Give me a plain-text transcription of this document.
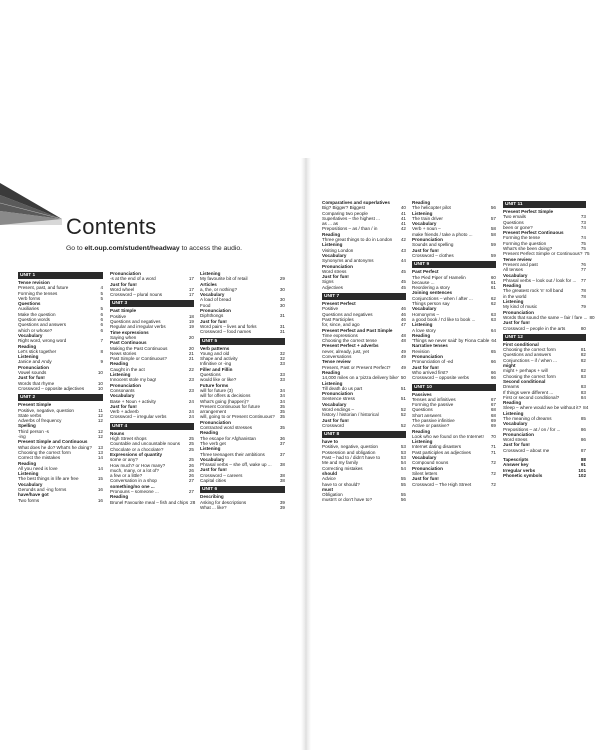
Contents
Go to elt.oup.com/student/headway to access the audio.
UNIT 1
Tense revision
Present, past, and future	4
Forming the tenses	5
Verb forms	5
Questions
Auxiliaries	5
Make the question	6
Question words	6
Questions and answers	6
which or whose?	6
Vocabulary
Right word, wrong word	7
Reading
Let's stick together	8
Listening
Janice and Andy	9
Pronunciation
Vowel sounds	10
Just for fun!
Words that rhyme	10
Crossword – opposite adjectives	10
UNIT 2
Present Simple
Positive, negative, question	11
State verbs	12
Adverbs of frequency	12
Spelling
Third person -s	12
-ing	12
Present Simple and Continuous
What does he do? What's he doing?	13
Choosing the correct form	13
Correct the mistakes	14
Reading
All you need is love	14
Listening
The best things in life are free	15
Vocabulary
Gerunds and -ing forms	16
have/have got
Two forms	16
Pronunciation
-s at the end of a word	17
Just for fun!
Word wheel	17
Crossword – plural nouns	17
UNIT 3
Past Simple
Positive	18
Questions and negatives	19
Regular and irregular verbs	19
Time expressions
Saying when	20
Past Continuous
Making the Past Continuous	20
News stories	21
Past Simple or Continuous?	21
Reading
Caught in the act	22
Listening
Innocent stole my bag!	23
Pronunciation
Consonants	23
Vocabulary
Base + Noun + activity	24
Just for fun!
Verb + adverb	24
Crossword – irregular verbs	24
UNIT 4
Nouns
High Street shops	25
Countable and uncountable nouns	25
Chocolate or a chocolate?	25
Expressions of quantity
some or any?	25
How much? or How many?	26
much, many, or a lot of?	26
a few or a little?	26
Conversation in a shop	27
something/no one ...
Pronouns – someone ...	27
Reading
Brunel Favourite meal – fish and chips 28
Listening
My favourite bit of retail	29
Articles
a, the, or nothing?	30
Vocabulary
A load of bread	30
Food	30
Pronunciation
Diphthongs	31
Just for fun!
Word pairs – lives and forks	31
Crossword – food names	31
UNIT 5
Verb patterns
Young and old	32
Shape and activity	32
Infinitive or -ing	33
Filler and Fillin
Questions	33
would like or like?	33
Future forms
will for future (3)	34
will for offers & decisions	34
What's going (happen)?	34
Present Continuous for future	35
arrangement	35
will, going to or Present Continuous?	35
Pronunciation
Contracted word stresses	35
Reading
The escape for Afghanistan	36
The verb get	37
Listening
Three teenagers their ambitions	37
Vocabulary
Phrasal verbs – she off, wake up ...	38
Just for fun!
Crossword – careers	38
Capital cities	38
UNIT 6
Describing
Asking for descriptions	39
What ... like?	39
Comparatives and superlatives
Big? Bigger? Biggest	40
Comparing two people	41
Superlatives – the highest ...	41
as ... as	41
Prepositions – as / than / in	42
Reading
Three great things to do in London	42
Listening
Visiting London	43
Vocabulary
Synonyms and antonyms	44
Pronunciation
Word stress	45
Just for fun!
Signs	45
Adjectives	45
UNIT 7
Present Perfect
Positive	46
Questions and negatives	46
Past Participles	46
for, since, and ago	47
Present Perfect and Past Simple
Time expressions	48
Choosing the correct tense	48
Present Perfect + adverbs
never, already, just, yet	49
Conversations	49
Tense review
Present, Past or Present Perfect?	49
Reading
14,000 miles on a 'pizza delivery bike' 50
Listening
Till death do us part	51
Pronunciation
Sentence stress	51
Vocabulary
Word endings –	52
history / historian / historical	52
Just for fun!
Crossword	52
UNIT 8
have to
Positive, negative, question	53
Possession and obligation	53
Past – had to / didn't have to	53
Me and my family	54
Correcting mistakes	54
should
Advice	55
have to or should?	55
must
Obligation	55
mustn't or don't have to?	56
Reading
The helicopter pilot	56
Listening
The train driver	57
Vocabulary
Verb + noun –	58
make friends / take a photo ...	58
Pronunciation
Sounds and spelling	59
Just for fun!
Crossword – clothes	59
UNIT 9
Past Perfect
The Pied Piper of Hamelin	60
because ...	61
Reordering a story	61
Joining sentences
Conjunctions – when / after ...	62
Things person say	62
Vocabulary
Homonyms –	63
a good book / I'd like to book ...	63
Listening
A love story	64
Reading
'Things we never said' by Fiona Cable 64
Narrative tenses
Revision	65
Pronunciation
Pronunciation of -ed	66
Just for fun!
Who arrived first?	66
Crossword – opposite verbs	66
UNIT 10
Passives
Tenses and infinitives	67
Forming the passive	67
Questions	68
Short answers	68
The passive infinitive	69
Active or passive?	69
Reading
Look who we found on the Internet!	70
Listening
Internet dating disasters	71
Past participles as adjectives	71
Vocabulary
Compound nouns	72
Pronunciation
Silent letters	72
Just for fun!
Crossword – The High Street	72
UNIT 11
Present Perfect Simple
Two emails	73
Questions	73
been or gone?	74
Present Perfect Continuous
Forming the tense	74
Forming the question	75
What's she been doing?	75
Present Perfect Simple or Continuous? 75
Tense review
Present and past	76
All tenses	77
Vocabulary
Phrasal verbs – look out / look for ... 77
Reading
The greatest rock 'n' roll band	78
in the world	78
Listening
My kind of music	79
Pronunciation
Words that sound the same – fair / fare ... 80
Just for fun!
Crossword – people in the arts	80
UNIT 12
First conditional
Choosing the correct form	81
Questions and answers	82
Conjunctions – if / when ...	82
might
might + perhaps + will	82
Choosing the correct form	83
Second conditional
Dreams	83
If things were different ...	83
First or second conditional?	84
Reading
Sleep – where would we be without it? 84
Listening
The meaning of dreams	85
Vocabulary
Prepositions – at / on / for ...	86
Pronunciation
Word stress	86
Just for fun!
Crossword – about me	87
Tapescripts	88
Answer key	91
Irregular verbs	101
Phonetic symbols	102
